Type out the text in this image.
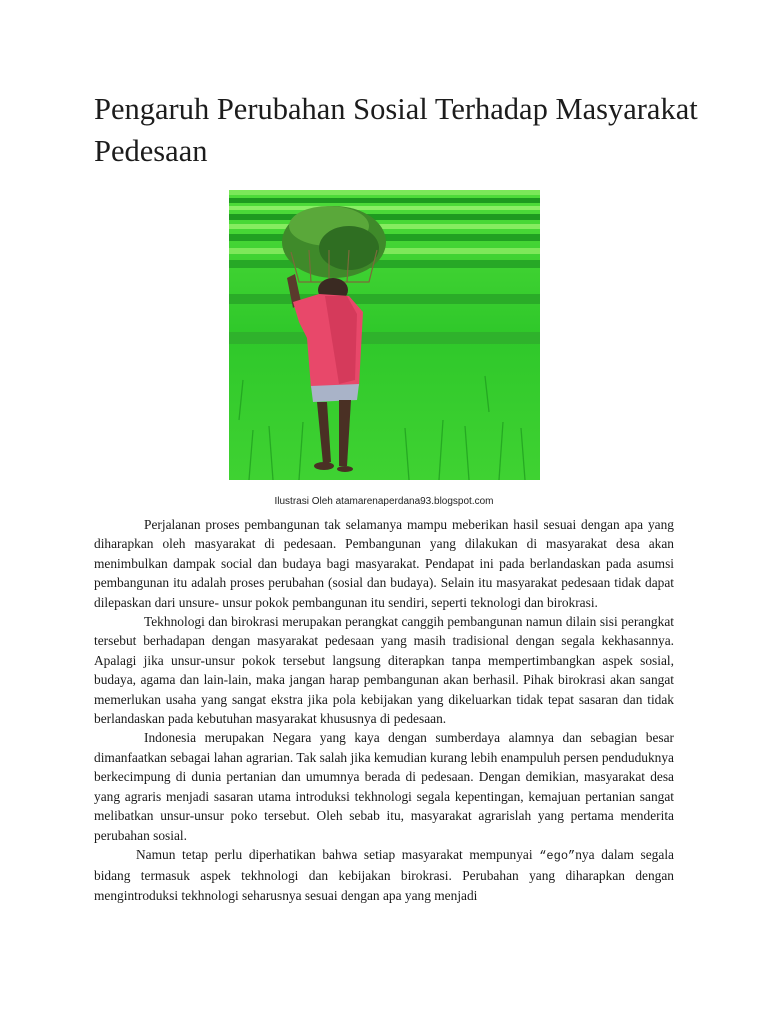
Pengaruh Perubahan Sosial Terhadap Masyarakat Pedesaan
Ilustrasi Oleh atamarenaperdana93.blogspot.com

Perjalanan proses pembangunan tak selamanya mampu meberikan hasil sesuai dengan apa yang diharapkan oleh masyarakat di pedesaan. Pembangunan yang dilakukan di masyarakat desa akan menimbulkan dampak social dan budaya bagi masyarakat. Pendapat ini pada berlandaskan pada asumsi pembangunan itu adalah proses perubahan (sosial dan budaya). Selain itu masyarakat pedesaan tidak dapat dilepaskan dari unsure- unsur pokok pembangunan itu sendiri, seperti teknologi dan birokrasi.

Tekhnologi dan birokrasi merupakan perangkat canggih pembangunan namun dilain sisi perangkat tersebut berhadapan dengan masyarakat pedesaan yang masih tradisional dengan segala kekhasannya. Apalagi jika unsur-unsur pokok tersebut langsung diterapkan tanpa mempertimbangkan aspek sosial, budaya, agama dan lain-lain, maka jangan harap pembangunan akan berhasil. Pihak birokrasi akan sangat memerlukan usaha yang sangat ekstra jika pola kebijakan yang dikeluarkan tidak tepat sasaran dan tidak berlandaskan pada kebutuhan masyarakat khususnya di pedesaan.

Indonesia merupakan Negara yang kaya dengan sumberdaya alamnya dan sebagian besar dimanfaatkan sebagai lahan agrarian. Tak salah jika kemudian kurang lebih enampuluh persen penduduknya berkecimpung di dunia pertanian dan umumnya berada di pedesaan. Dengan demikian, masyarakat desa yang agraris menjadi sasaran utama introduksi tekhnologi segala kepentingan, kemajuan pertanian sangat melibatkan unsur-unsur poko tersebut. Oleh sebab itu, masyarakat agrarislah yang pertama menderita perubahan sosial.

Namun tetap perlu diperhatikan bahwa setiap masyarakat mempunyai “ego”nya dalam segala bidang termasuk aspek tekhnologi dan kebijakan birokrasi. Perubahan yang diharapkan dengan mengintroduksi tekhnologi seharusnya sesuai dengan apa yang menjadi
